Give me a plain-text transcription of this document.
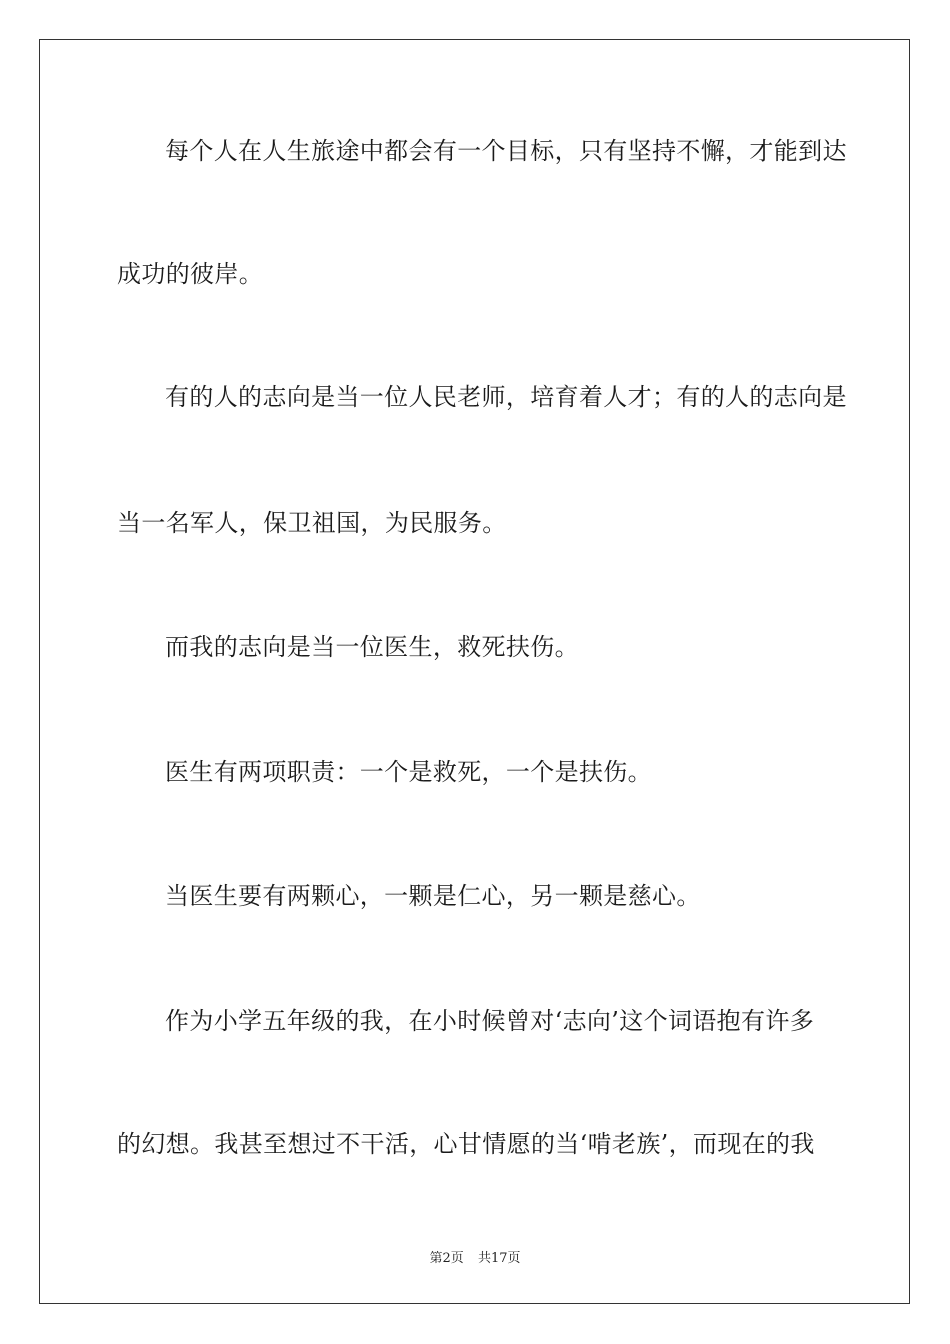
每个人在人生旅途中都会有一个目标，只有坚持不懈，才能到达
成功的彼岸。
有的人的志向是当一位人民老师，培育着人才；有的人的志向是
当一名军人，保卫祖国，为民服务。
而我的志向是当一位医生，救死扶伤。
医生有两项职责：一个是救死，一个是扶伤。
当医生要有两颗心，一颗是仁心，另一颗是慈心。
作为小学五年级的我，在小时候曾对‘志向’这个词语抱有许多
的幻想。我甚至想过不干活，心甘情愿的当‘啃老族’，而现在的我
第2页 共17页
